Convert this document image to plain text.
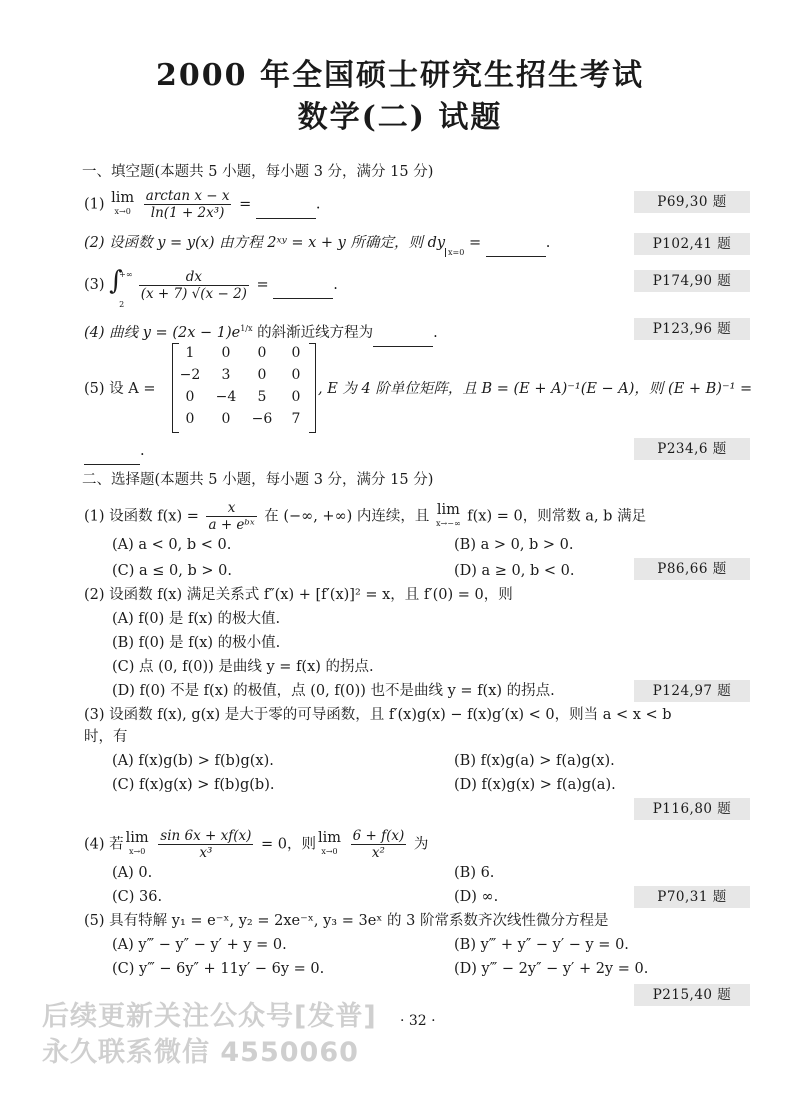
2000 年全国硕士研究生招生考试
数学(二) 试题
一、填空题(本题共 5 小题，每小题 3 分，满分 15 分)
(1) lim
x→0
$\frac{\text{arctan x − x}}{\text{ln(1 + 2x³)}}$ =	.	P69,30 题
(2) 设函数 y = y(x) 由方程 2ˣʸ = x + y 所确定，则 $dy_{x=0}$ =	.	P102,41 题
(3) ∫
+∞
2

$\frac{dx}{(x + 7) √(x - 2)}$ =	.	P174,90 题
(4) 曲线 $y = (2x - 1)e^{1/x}$ 的斜渐近线方程为	.	P123,96 题
(5) 设 A =
1	0	0	0
−2	3	0	0
0	−4	5	0
0	0	−6	7
, E 为 4 阶单位矩阵，且 B = (E + A)⁻¹(E − A)，则 (E + B)⁻¹ =
.	P234,6 题
二、选择题(本题共 5 小题，每小题 3 分，满分 15 分)
(1) 设函数 $f(x) = \frac{x}{\text{a + eᵇˣ}}$ 在 (−∞, +∞) 内连续，且 lim
x→−∞ f(x) = 0，则常数 a, b 满足
(A) a < 0, b < 0.	(B) a > 0, b > 0.
(C) a ≤ 0, b > 0.	(D) a ≥ 0, b < 0.	P86,66 题
(2) 设函数 f(x) 满足关系式 f″(x) + [f′(x)]² = x，且 f′(0) = 0，则
(A) f(0) 是 f(x) 的极大值.
(B) f(0) 是 f(x) 的极小值.
(C) 点 (0, f(0)) 是曲线 y = f(x) 的拐点.
(D) f(0) 不是 f(x) 的极值，点 (0, f(0)) 也不是曲线 y = f(x) 的拐点.	P124,97 题
(3) 设函数 f(x), g(x) 是大于零的可导函数，且 f′(x)g(x) − f(x)g′(x) < 0，则当 a < x < b
时，有
(A) f(x)g(b) > f(b)g(x).	(B) f(x)g(a) > f(a)g(x).
(C) f(x)g(x) > f(b)g(b).	(D) f(x)g(x) > f(a)g(a).
P116,80 题
(4) 若 lim
x→0
$\frac{\sin 6x + xf(x)}{\text{x³}} = 0$，则 lim
x→0
$\frac{6 + f(x)}{\text{x²}}$ 为
(A) 0.	(B) 6.
(C) 36.	(D) ∞.	P70,31 题
(5) 具有特解 y₁ = e⁻ˣ, y₂ = 2xe⁻ˣ, y₃ = 3eˣ 的 3 阶常系数齐次线性微分方程是
(A) y‴ − y″ − y′ + y = 0.	(B) y‴ + y″ − y′ − y = 0.
(C) y‴ − 6y″ + 11y′ − 6y = 0.	(D) y‴ − 2y″ − y′ + 2y = 0.
P215,40 题
· 32 ·
后续更新关注公众号[发普]
永久联系微信 4550060
